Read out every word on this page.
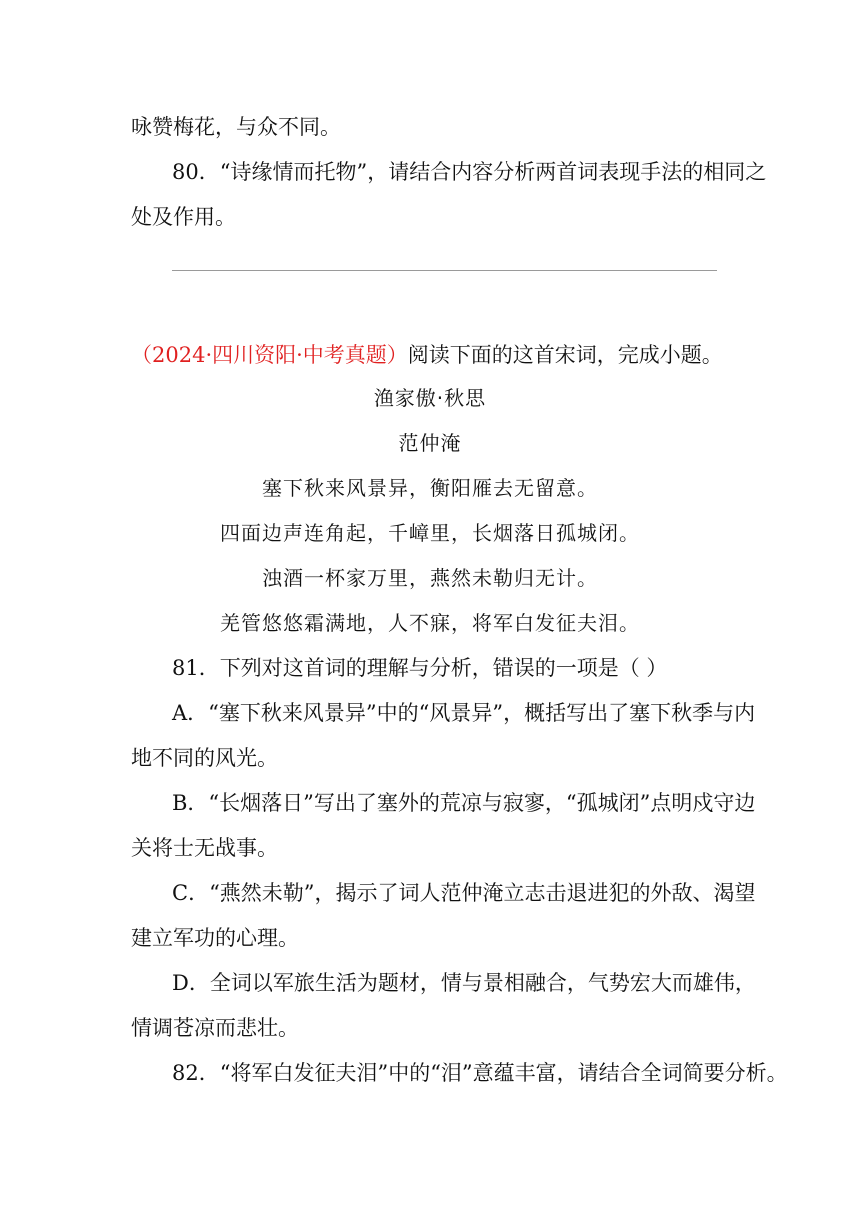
咏赞梅花，与众不同。
80．“诗缘情而托物”，请结合内容分析两首词表现手法的相同之
处及作用。
（2024·四川资阳·中考真题）阅读下面的这首宋词，完成小题。
渔家傲·秋思
范仲淹
塞下秋来风景异，衡阳雁去无留意。
四面边声连角起，千嶂里，长烟落日孤城闭。
浊酒一杯家万里，燕然未勒归无计。
羌管悠悠霜满地，人不寐，将军白发征夫泪。
81．下列对这首词的理解与分析，错误的一项是（ ）
A．“塞下秋来风景异”中的“风景异”，概括写出了塞下秋季与内
地不同的风光。
B．“长烟落日”写出了塞外的荒凉与寂寥，“孤城闭”点明戍守边
关将士无战事。
C．“燕然未勒”，揭示了词人范仲淹立志击退进犯的外敌、渴望
建立军功的心理。
D．全词以军旅生活为题材，情与景相融合，气势宏大而雄伟，
情调苍凉而悲壮。
82．“将军白发征夫泪”中的“泪”意蕴丰富，请结合全词简要分析。
